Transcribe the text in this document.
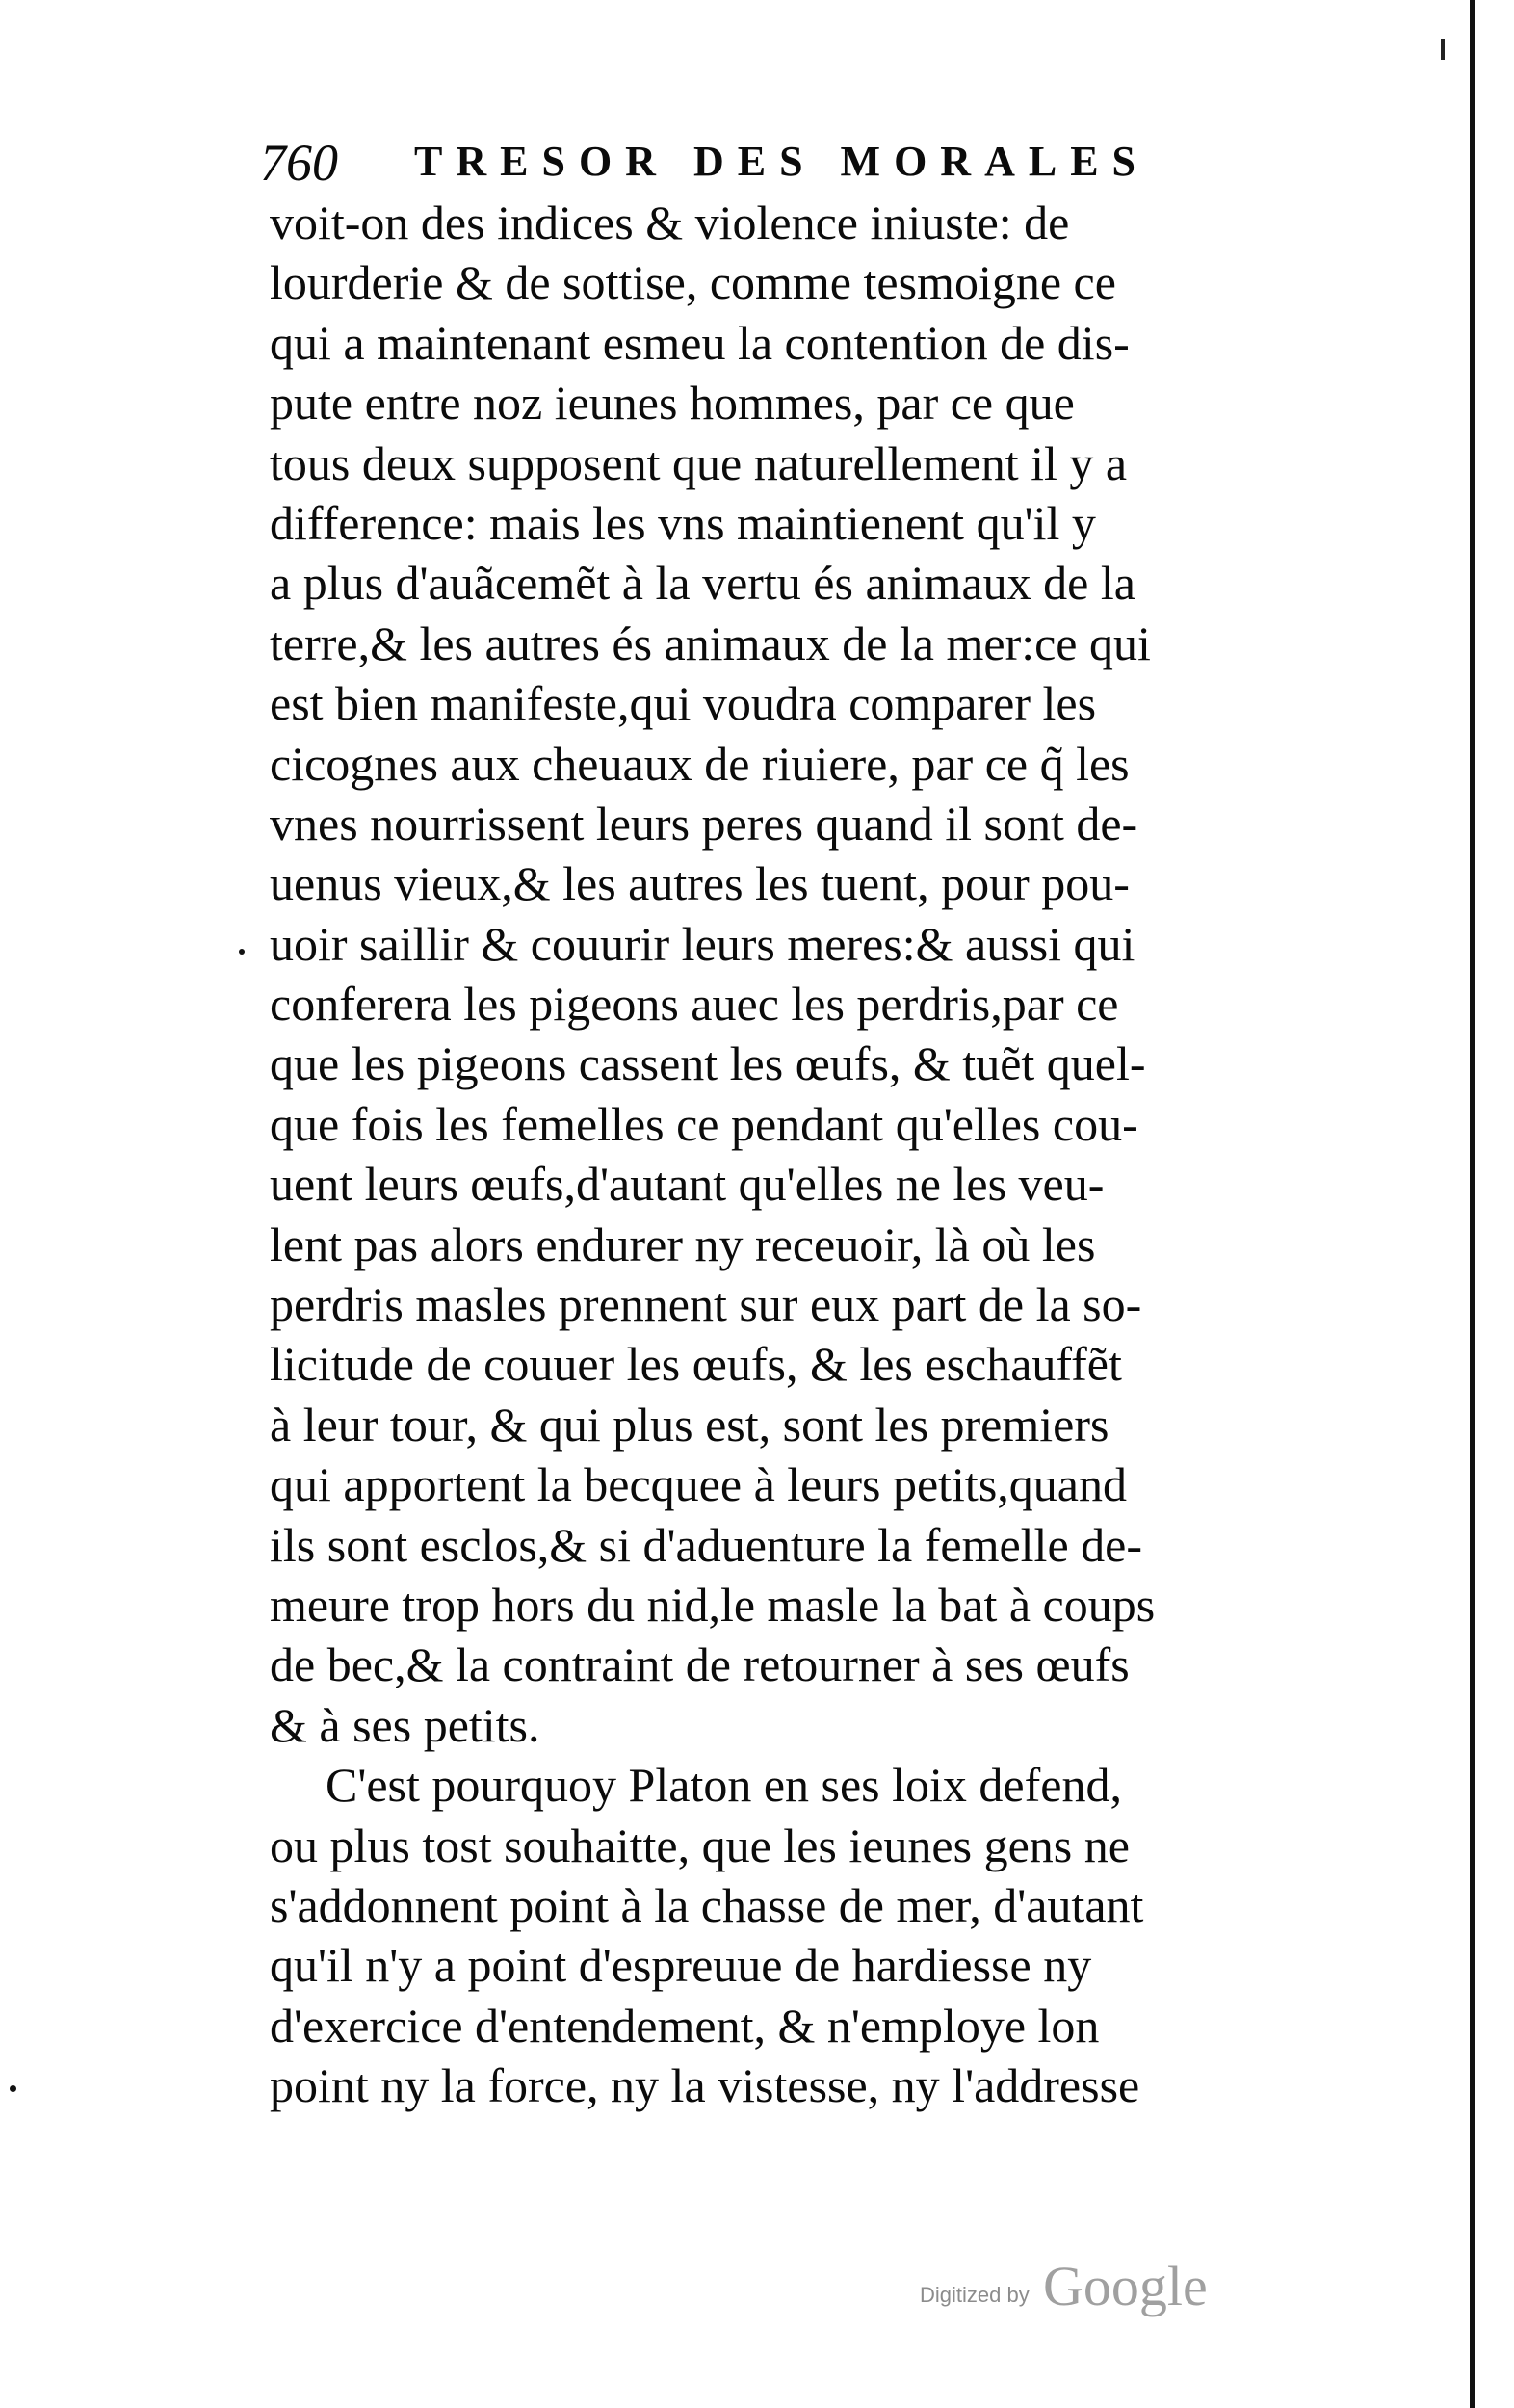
760 TRESOR DES MORALES
voit-on des indices & violence iniuste: de
lourderie & de sottise, comme tesmoigne ce
qui a maintenant esmeu la contention de dis-
pute entre noz ieunes hommes, par ce que
tous deux supposent que naturellement il y a
difference: mais les vns maintienent qu'il y
a plus d'auãcemẽt à la vertu és animaux de la
terre,& les autres és animaux de la mer:ce qui
est bien manifeste,qui voudra comparer les
cicognes aux cheuaux de riuiere, par ce q̃ les
vnes nourrissent leurs peres quand il sont de-
uenus vieux,& les autres les tuent, pour pou-
uoir saillir & couurir leurs meres:& aussi qui
conferera les pigeons auec les perdris,par ce
que les pigeons cassent les œufs, & tuẽt quel-
que fois les femelles ce pendant qu'elles cou-
uent leurs œufs,d'autant qu'elles ne les veu-
lent pas alors endurer ny receuoir, là où les
perdris masles prennent sur eux part de la so-
licitude de couuer les œufs, & les eschauffẽt
à leur tour, & qui plus est, sont les premiers
qui apportent la becquee à leurs petits,quand
ils sont esclos,& si d'aduenture la femelle de-
meure trop hors du nid,le masle la bat à coups
de bec,& la contraint de retourner à ses œufs
& à ses petits.
C'est pourquoy Platon en ses loix defend,
ou plus tost souhaitte, que les ieunes gens ne
s'addonnent point à la chasse de mer, d'autant
qu'il n'y a point d'espreuue de hardiesse ny
d'exercice d'entendement, & n'employe lon
point ny la force, ny la vistesse, ny l'addresse
Digitized by Google
